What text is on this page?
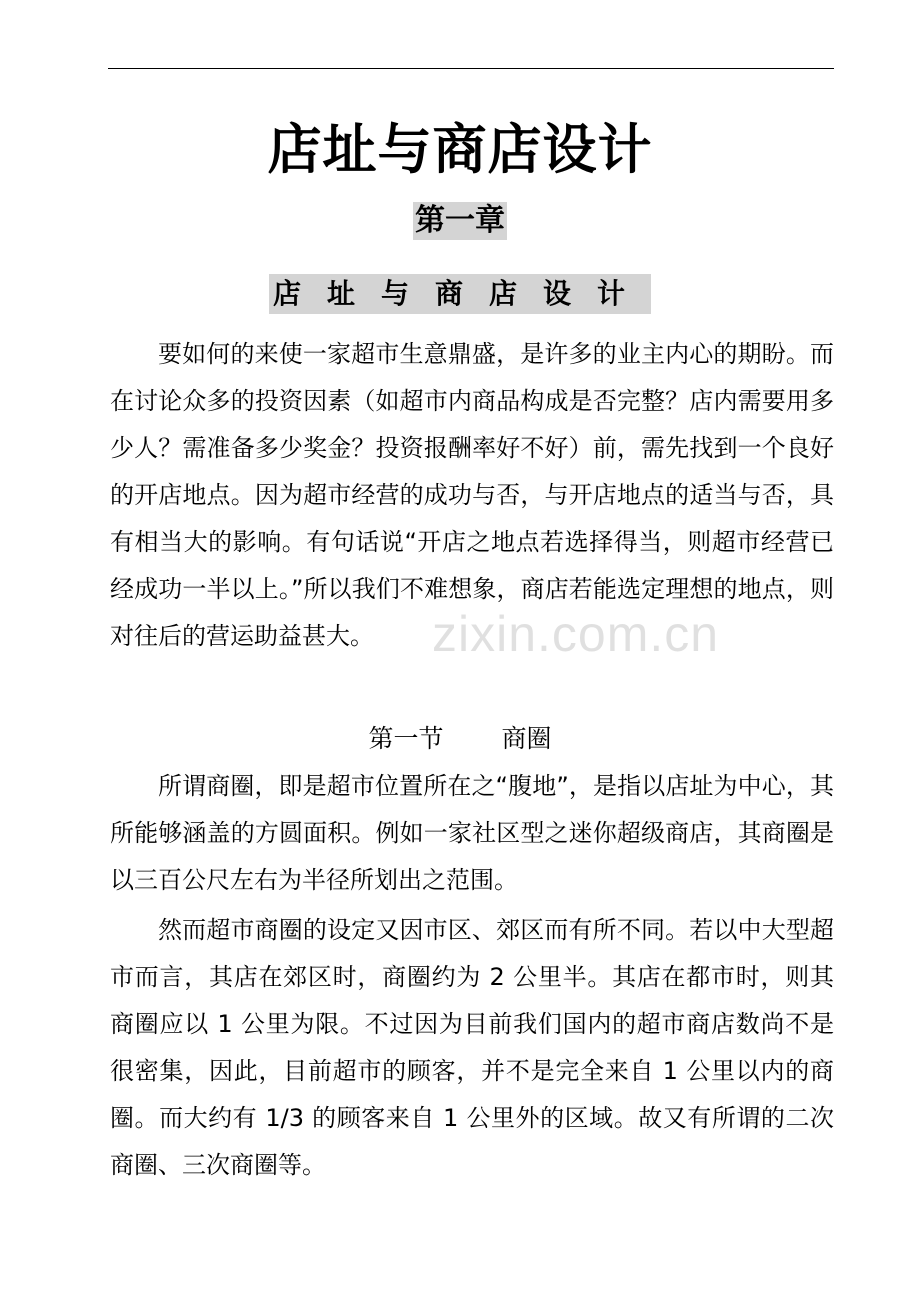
店址与商店设计
第一章
店址与商店设计

要如何的来使一家超市生意鼎盛，是许多的业主内心的期盼。而在讨论众多的投资因素（如超市内商品构成是否完整？店内需要用多少人？需准备多少奖金？投资报酬率好不好）前，需先找到一个良好的开店地点。因为超市经营的成功与否，与开店地点的适当与否，具有相当大的影响。有句话说“开店之地点若选择得当，则超市经营已经成功一半以上。”所以我们不难想象，商店若能选定理想的地点，则对往后的营运助益甚大。	zixin.com.cn
第一节 商圈

所谓商圈，即是超市位置所在之“腹地”，是指以店址为中心，其所能够涵盖的方圆面积。例如一家社区型之迷你超级商店，其商圈是以三百公尺左右为半径所划出之范围。

然而超市商圈的设定又因市区、郊区而有所不同。若以中大型超市而言，其店在郊区时，商圈约为 2 公里半。其店在都市时，则其商圈应以 1 公里为限。不过因为目前我们国内的超市商店数尚不是很密集，因此，目前超市的顾客，并不是完全来自 1 公里以内的商圈。而大约有 1/3 的顾客来自 1 公里外的区域。故又有所谓的二次商圈、三次商圈等。
